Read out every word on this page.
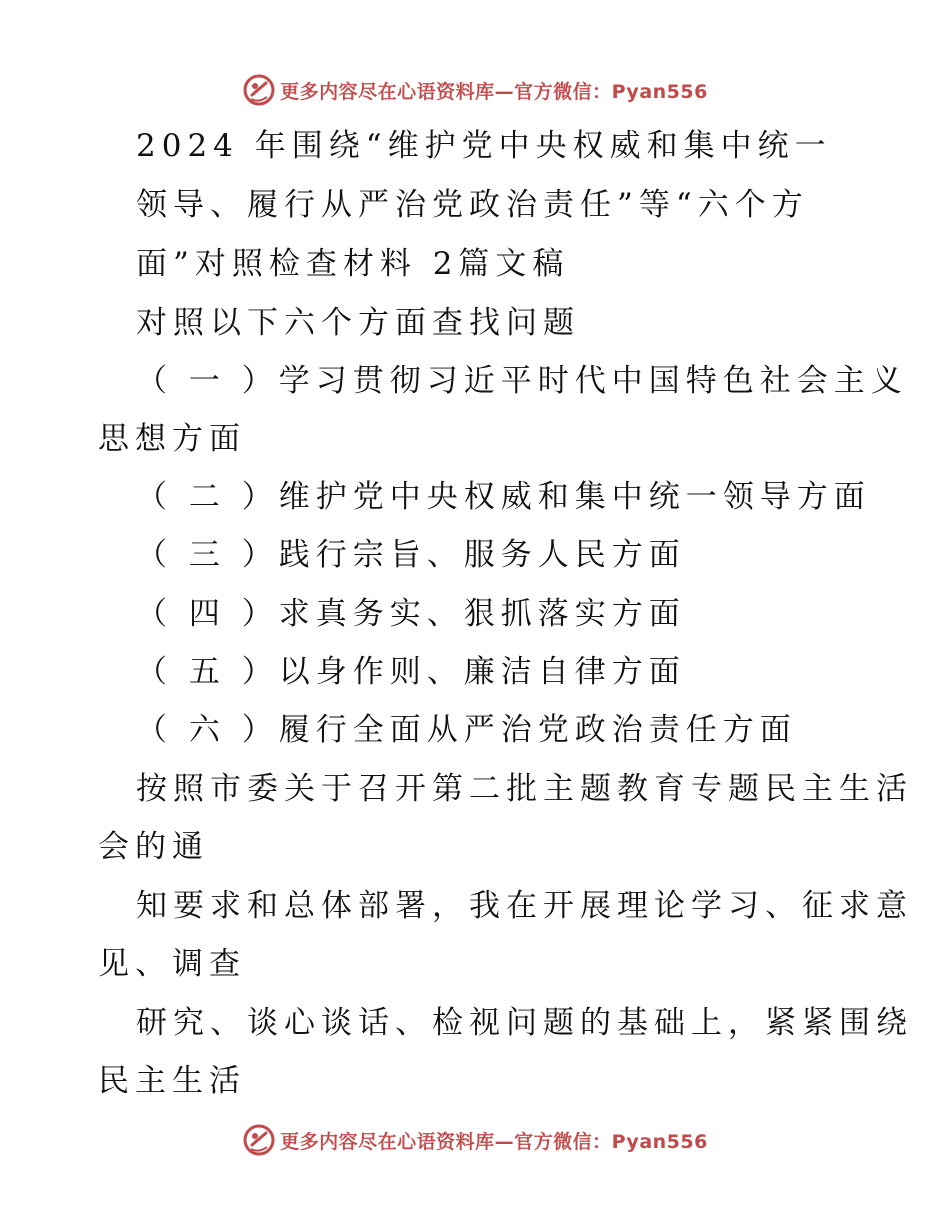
更多内容尽在心语资料库—官方微信：Pyan556
2024 年围绕“维护党中央权威和集中统一
领导、履行从严治党政治责任”等“六个方
面”对照检查材料 2篇文稿
对照以下六个方面查找问题
（ 一 ）学习贯彻习近平时代中国特色社会主义
思想方面
（ 二 ）维护党中央权威和集中统一领导方面
（ 三 ）践行宗旨、服务人民方面
（ 四 ）求真务实、狠抓落实方面
（ 五 ）以身作则、廉洁自律方面
（ 六 ）履行全面从严治党政治责任方面
按照市委关于召开第二批主题教育专题民主生活
会的通
知要求和总体部署，我在开展理论学习、征求意
见、调查
研究、谈心谈话、检视问题的基础上，紧紧围绕
民主生活
更多内容尽在心语资料库—官方微信：Pyan556
